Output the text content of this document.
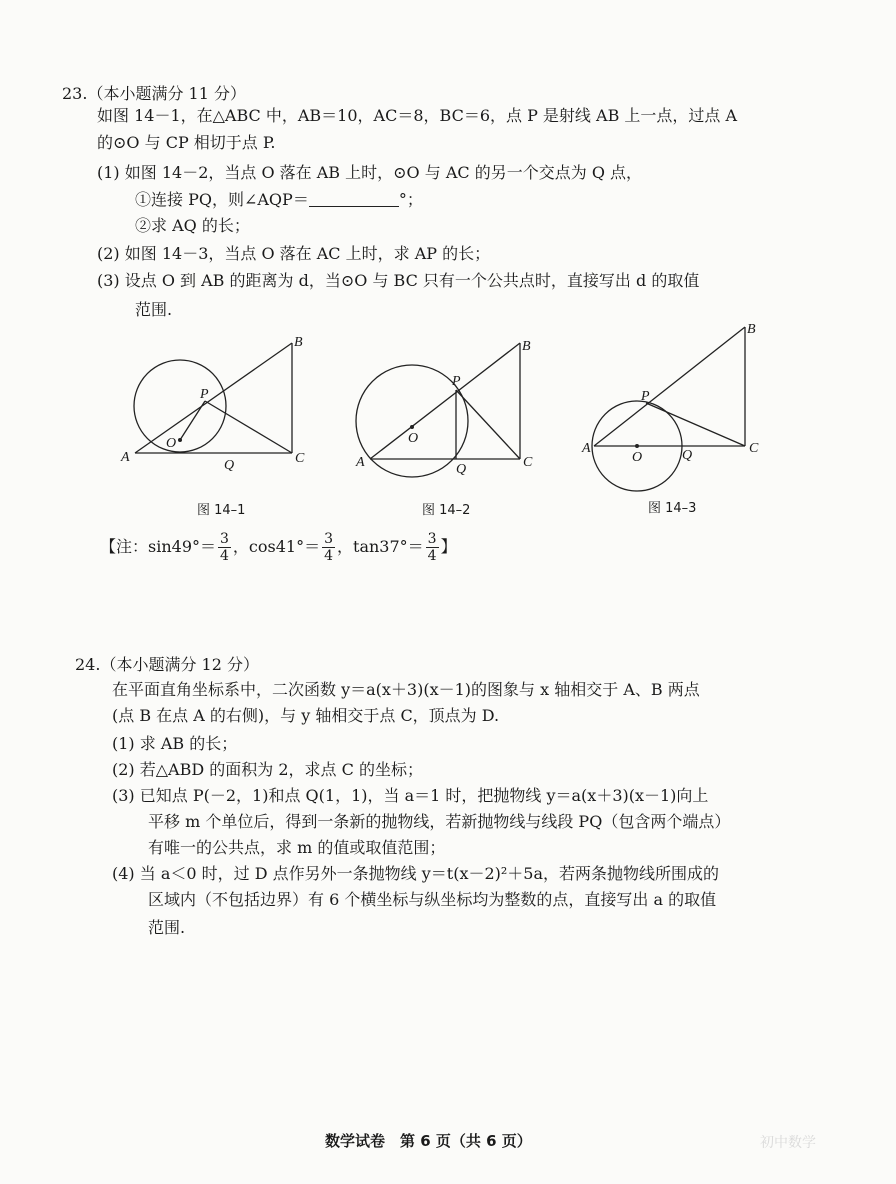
23.（本小题满分 11 分）
如图 14－1，在△ABC 中，AB＝10，AC＝8，BC＝6，点 P 是射线 AB 上一点，过点 A
的⊙O 与 CP 相切于点 P.
(1) 如图 14－2，当点 O 落在 AB 上时，⊙O 与 AC 的另一个交点为 Q 点，
①连接 PQ，则∠AQP＝	°；
②求 AQ 的长；
(2) 如图 14－3，当点 O 落在 AC 上时，求 AP 的长；
(3) 设点 O 到 AB 的距离为 d，当⊙O 与 BC 只有一个公共点时，直接写出 d 的取值
范围.
A
B
C
P
Q
O
A
B
C
P
Q
O
A
B
C
P
Q
O
图 14–1	图 14–2	图 14–3
【注：$\sin 49^\circ= \frac{3}{4}$ ，$\cos 41^\circ= \frac{3}{4}$ ，$\tan 37^\circ= \frac{3}{4}$ 】
24.（本小题满分 12 分）
在平面直角坐标系中，二次函数 y＝a(x＋3)(x－1)的图象与 x 轴相交于 A、B 两点
(点 B 在点 A 的右侧)，与 y 轴相交于点 C，顶点为 D.
(1) 求 AB 的长；
(2) 若△ABD 的面积为 2，求点 C 的坐标；
(3) 已知点 P(－2，1)和点 Q(1，1)，当 a＝1 时，把抛物线 y＝a(x＋3)(x－1)向上
平移 m 个单位后，得到一条新的抛物线，若新抛物线与线段 PQ（包含两个端点）
有唯一的公共点，求 m 的值或取值范围；
(4) 当 a＜0 时，过 D 点作另外一条抛物线 y＝t(x－2)²＋5a，若两条抛物线所围成的
区域内（不包括边界）有 6 个横坐标与纵坐标均为整数的点，直接写出 a 的取值
范围.
数学试卷　第 6 页（共 6 页）	初中数学
